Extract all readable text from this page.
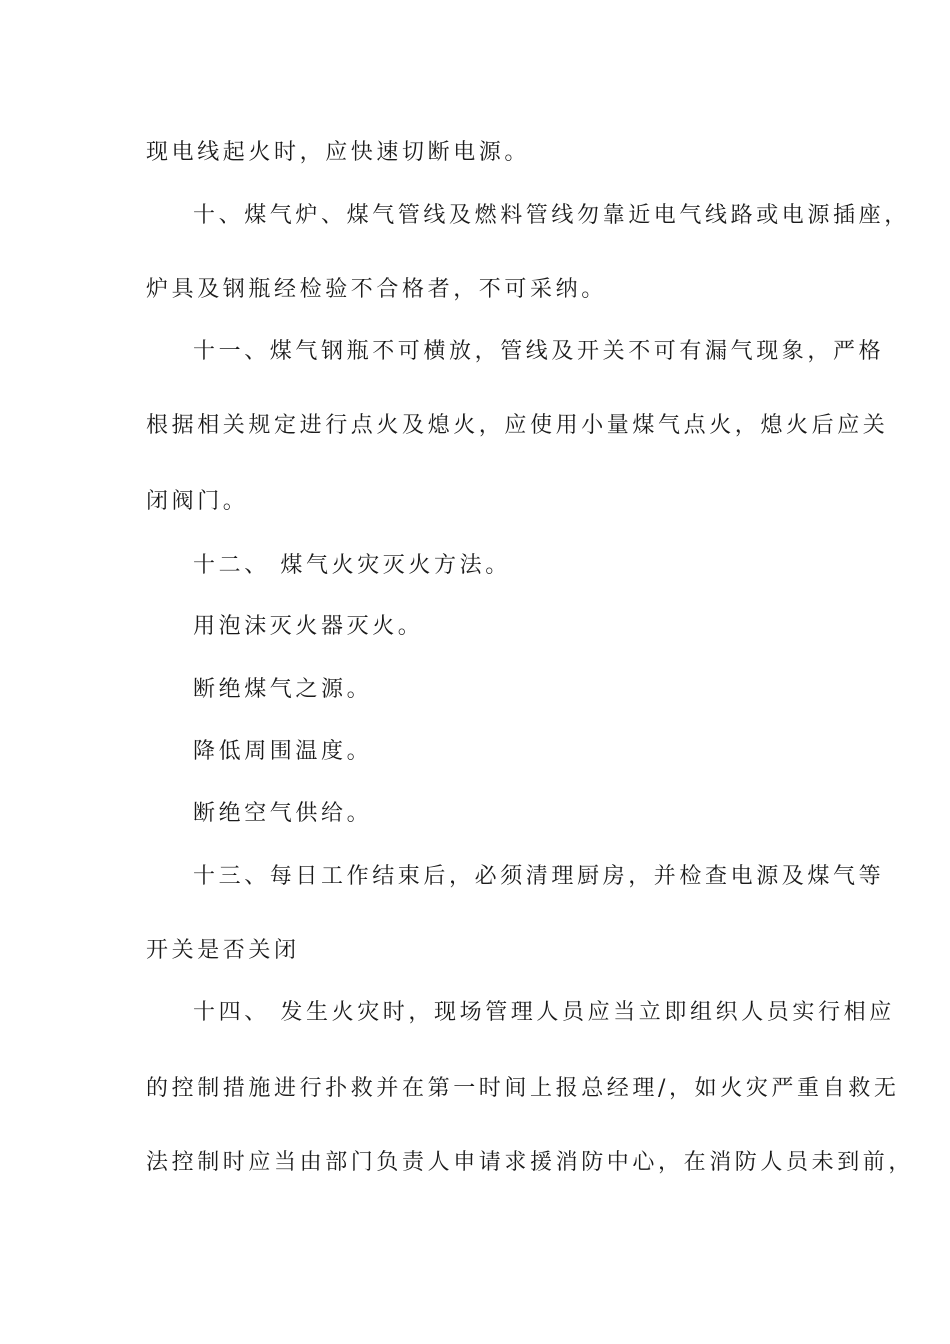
现电线起火时，应快速切断电源。
十、煤气炉、煤气管线及燃料管线勿靠近电气线路或电源插座，
炉具及钢瓶经检验不合格者，不可采纳。
十一、煤气钢瓶不可横放，管线及开关不可有漏气现象，严格
根据相关规定进行点火及熄火，应使用小量煤气点火，熄火后应关
闭阀门。
十二、 煤气火灾灭火方法。
用泡沫灭火器灭火。
断绝煤气之源。
降低周围温度。
断绝空气供给。
十三、每日工作结束后，必须清理厨房，并检查电源及煤气等
开关是否关闭
十四、 发生火灾时，现场管理人员应当立即组织人员实行相应
的控制措施进行扑救并在第一时间上报总经理/，如火灾严重自救无
法控制时应当由部门负责人申请求援消防中心，在消防人员未到前，
